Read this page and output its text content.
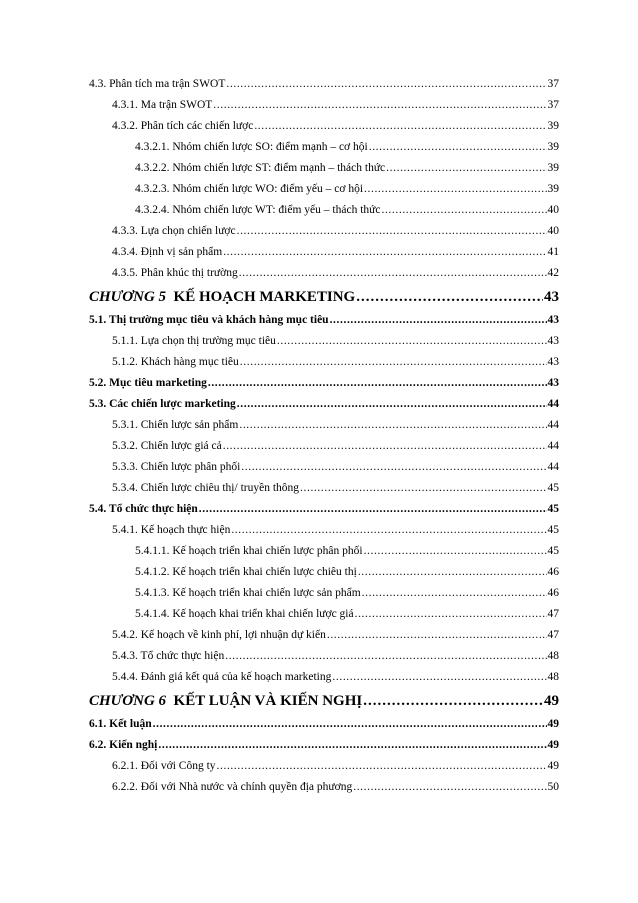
4.3. Phân tích ma trận SWOT .....	37
4.3.1. Ma trận SWOT .....	37
4.3.2. Phân tích các chiến lược .....	39
4.3.2.1. Nhóm chiến lược SO: điểm mạnh – cơ hội .....	39
4.3.2.2. Nhóm chiến lược ST: điểm mạnh – thách thức .....	39
4.3.2.3. Nhóm chiến lược WO: điểm yếu – cơ hội .....	39
4.3.2.4. Nhóm chiến lược WT: điểm yếu – thách thức .....	40
4.3.3. Lựa chọn chiến lược .....	40
4.3.4. Định vị sản phẩm .....	41
4.3.5. Phân khúc thị trường .....	42
CHƯƠNG 5 KẾ HOẠCH MARKETING .....	43
5.1. Thị trường mục tiêu và khách hàng mục tiêu .....	43
5.1.1. Lựa chọn thị trường mục tiêu .....	43
5.1.2. Khách hàng mục tiêu .....	43
5.2. Mục tiêu marketing .....	43
5.3. Các chiến lược marketing .....	44
5.3.1. Chiến lược sản phẩm .....	44
5.3.2. Chiến lược giá cả .....	44
5.3.3. Chiến lược phân phối .....	44
5.3.4. Chiến lược chiêu thị/ truyền thông .....	45
5.4. Tổ chức thực hiện .....	45
5.4.1. Kế hoạch thực hiện .....	45
5.4.1.1. Kế hoạch triển khai chiến lược phân phối .....	45
5.4.1.2. Kế hoạch triển khai chiến lược chiêu thị .....	46
5.4.1.3. Kế hoạch triển khai chiến lược sản phẩm .....	46
5.4.1.4. Kế hoạch khai triển khai chiến lược giá .....	47
5.4.2. Kế hoạch về kinh phí, lợi nhuận dự kiến .....	47
5.4.3. Tổ chức thực hiện .....	48
5.4.4. Đánh giá kết quả của kế hoạch marketing .....	48
CHƯƠNG 6 KẾT LUẬN VÀ KIẾN NGHỊ .....	49
6.1. Kết luận .....	49
6.2. Kiến nghị .....	49
6.2.1. Đối với Công ty .....	49
6.2.2. Đối với Nhà nước và chính quyền địa phương .....	50
